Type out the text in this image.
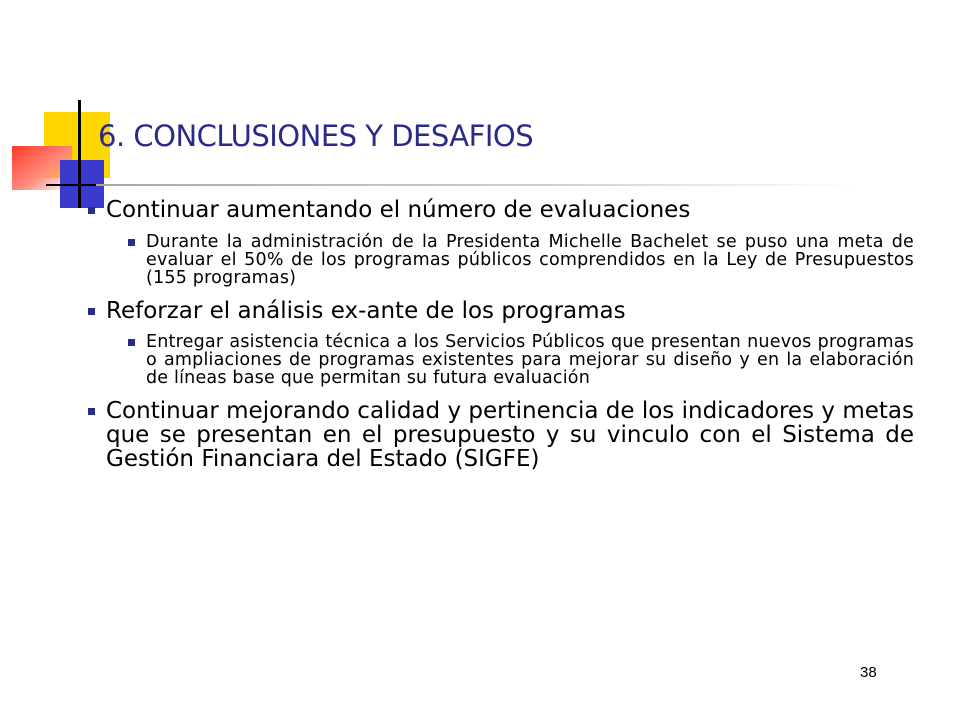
6. CONCLUSIONES Y DESAFIOS
Continuar aumentando el número de evaluaciones
Durante la administración de la Presidenta Michelle Bachelet se puso una meta de evaluar el 50% de los programas públicos comprendidos en la Ley de Presupuestos (155 programas)
Reforzar el análisis ex-ante de los programas
Entregar asistencia técnica a los Servicios Públicos que presentan nuevos programas o ampliaciones de programas existentes para mejorar su diseño y en la elaboración de líneas base que permitan su futura evaluación
Continuar mejorando calidad y pertinencia de los indicadores y metas que se presentan en el presupuesto y su vinculo con el Sistema de Gestión Financiara del Estado (SIGFE)
38
